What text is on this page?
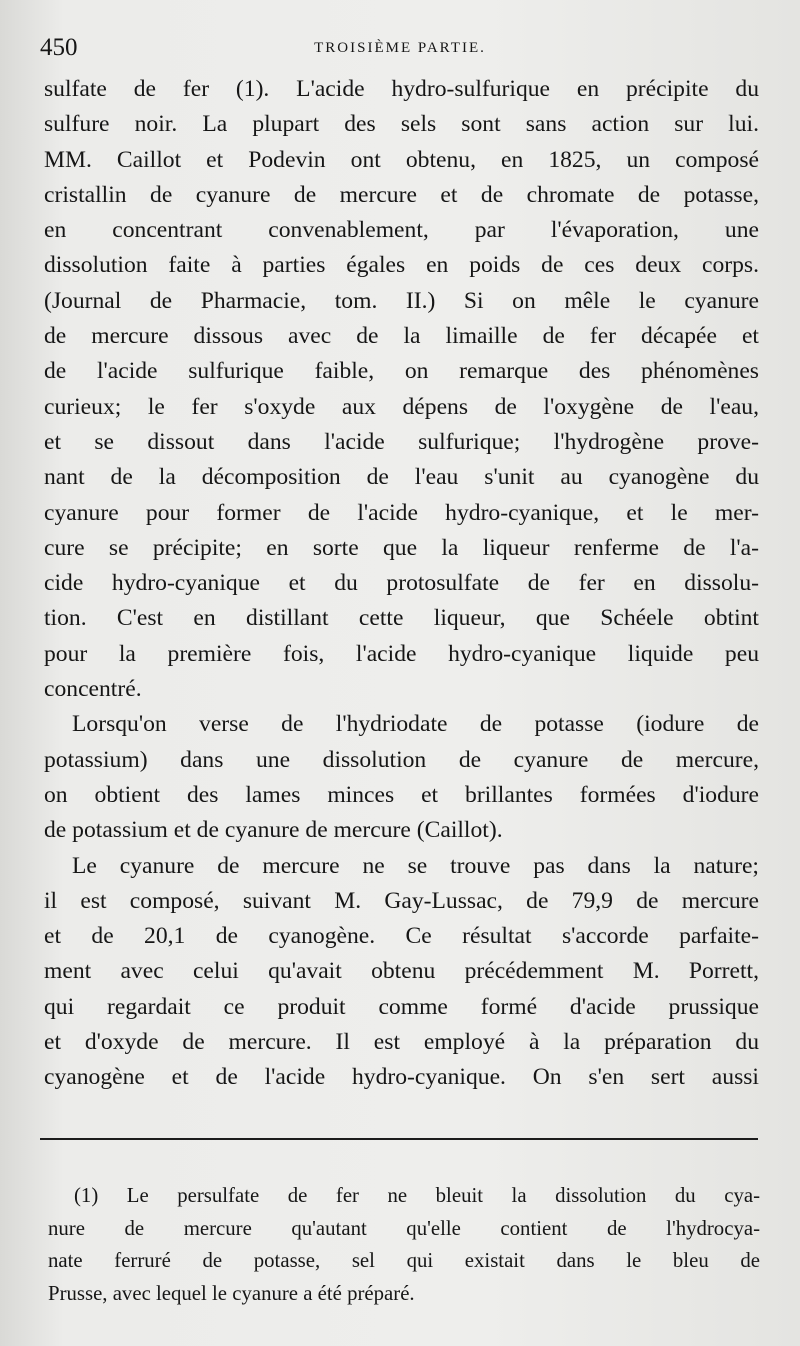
450	TROISIÈME PARTIE.
sulfate de fer (1). L'acide hydro-sulfurique en précipite du
sulfure noir. La plupart des sels sont sans action sur lui.
MM. Caillot et Podevin ont obtenu, en 1825, un composé
cristallin de cyanure de mercure et de chromate de potasse,
en concentrant convenablement, par l'évaporation, une
dissolution faite à parties égales en poids de ces deux corps.
(Journal de Pharmacie, tom. II.) Si on mêle le cyanure
de mercure dissous avec de la limaille de fer décapée et
de l'acide sulfurique faible, on remarque des phénomènes
curieux; le fer s'oxyde aux dépens de l'oxygène de l'eau,
et se dissout dans l'acide sulfurique; l'hydrogène prove-
nant de la décomposition de l'eau s'unit au cyanogène du
cyanure pour former de l'acide hydro-cyanique, et le mer-
cure se précipite; en sorte que la liqueur renferme de l'a-
cide hydro-cyanique et du protosulfate de fer en dissolu-
tion. C'est en distillant cette liqueur, que Schéele obtint
pour la première fois, l'acide hydro-cyanique liquide peu
concentré.
Lorsqu'on verse de l'hydriodate de potasse (iodure de
potassium) dans une dissolution de cyanure de mercure,
on obtient des lames minces et brillantes formées d'iodure
de potassium et de cyanure de mercure (Caillot).
Le cyanure de mercure ne se trouve pas dans la nature;
il est composé, suivant M. Gay-Lussac, de 79,9 de mercure
et de 20,1 de cyanogène. Ce résultat s'accorde parfaite-
ment avec celui qu'avait obtenu précédemment M. Porrett,
qui regardait ce produit comme formé d'acide prussique
et d'oxyde de mercure. Il est employé à la préparation du
cyanogène et de l'acide hydro-cyanique. On s'en sert aussi
(1) Le persulfate de fer ne bleuit la dissolution du cya-
nure de mercure qu'autant qu'elle contient de l'hydrocya-
nate ferruré de potasse, sel qui existait dans le bleu de
Prusse, avec lequel le cyanure a été préparé.
